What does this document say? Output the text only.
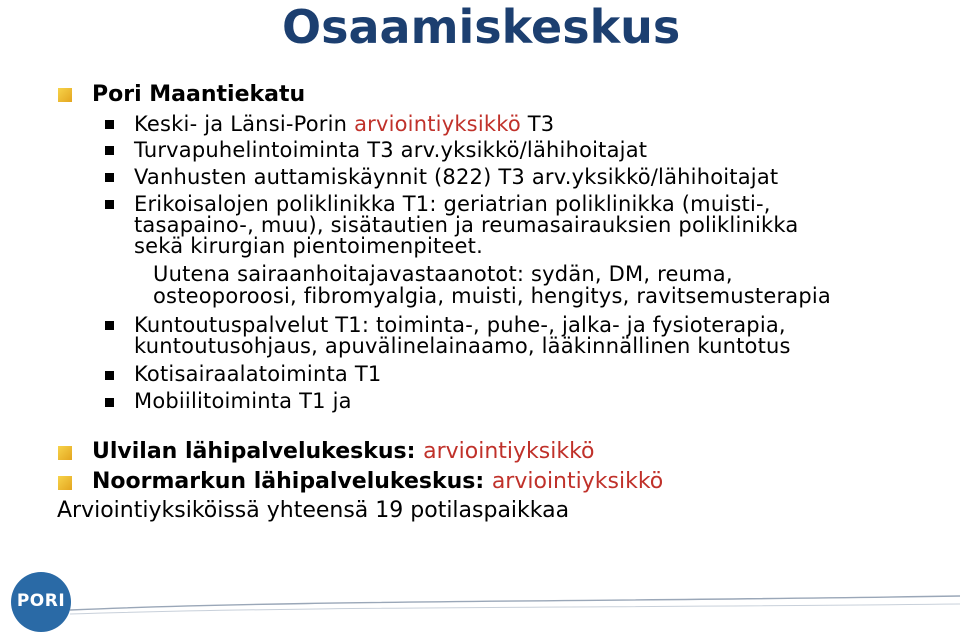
Osaamiskeskus
Pori Maantiekatu
Keski- ja Länsi-Porin arviointiyksikkö T3
Turvapuhelintoiminta T3 arv.yksikkö/lähihoitajat
Vanhusten auttamiskäynnit (822) T3 arv.yksikkö/lähihoitajat
Erikoisalojen poliklinikka T1: geriatrian poliklinikka (muisti-,
tasapaino-, muu), sisätautien ja reumasairauksien poliklinikka
sekä kirurgian pientoimenpiteet.
Uutena sairaanhoitajavastaanotot: sydän, DM, reuma,
osteoporoosi, fibromyalgia, muisti, hengitys, ravitsemusterapia
Kuntoutuspalvelut T1: toiminta-, puhe-, jalka- ja fysioterapia,
kuntoutusohjaus, apuvälinelainaamo, lääkinnällinen kuntotus
Kotisairaalatoiminta T1
Mobiilitoiminta T1 ja
Ulvilan lähipalvelukeskus: arviointiyksikkö
Noormarkun lähipalvelukeskus: arviointiyksikkö
Arviointiyksiköissä yhteensä 19 potilaspaikkaa
PORI
